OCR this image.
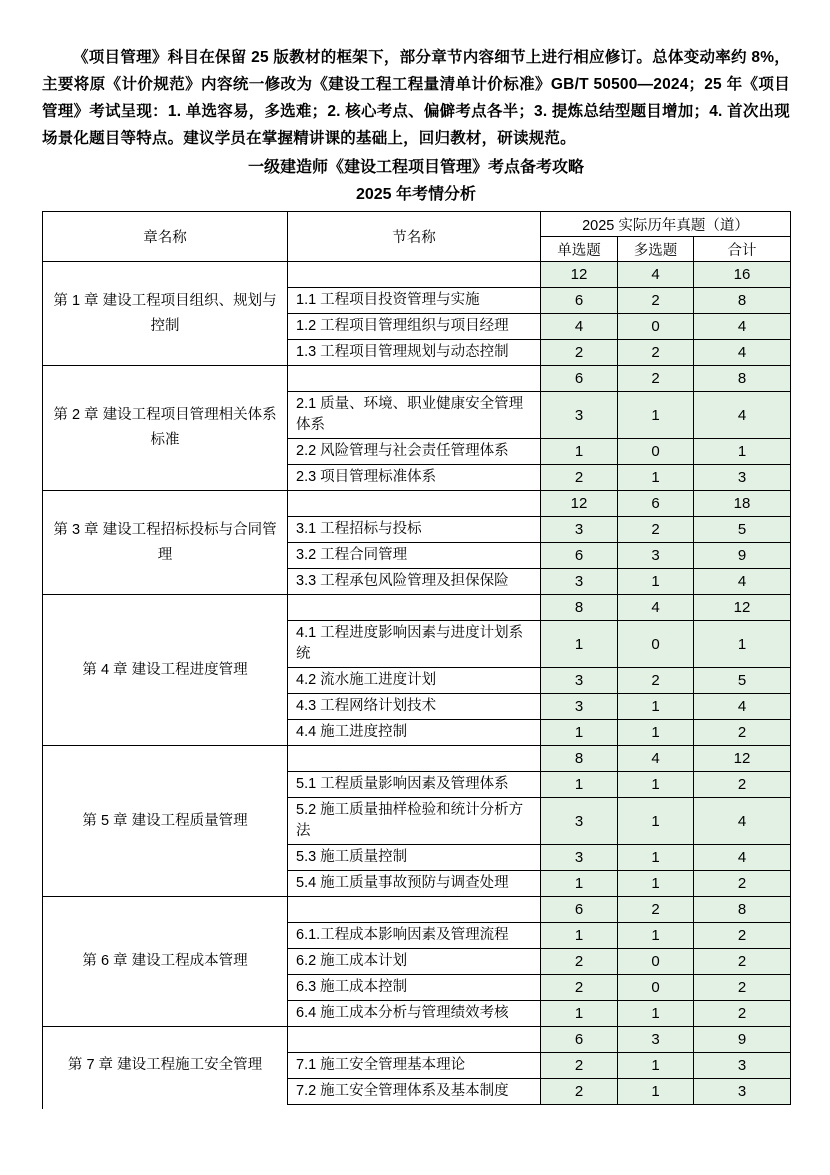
《项目管理》科目在保留 25 版教材的框架下，部分章节内容细节上进行相应修订。总体变动率约 8%，主要将原《计价规范》内容统一修改为《建设工程工程量清单计价标准》GB/T 50500—2024；25 年《项目管理》考试呈现：1. 单选容易，多选难；2. 核心考点、偏僻考点各半；3. 提炼总结型题目增加；4. 首次出现场景化题目等特点。建议学员在掌握精讲课的基础上，回归教材，研读规范。

一级建造师《建设工程项目管理》考点备考攻略
2025 年考情分析
章名称	节名称	2025 实际历年真题（道）		
		单选题	多选题	合计
第 1 章 建设工程项目组织、规划与控制		12	4	16
	1.1 工程项目投资管理与实施	6	2	8
	1.2 工程项目管理组织与项目经理	4	0	4
	1.3 工程项目管理规划与动态控制	2	2	4
第 2 章 建设工程项目管理相关体系标准		6	2	8
	2.1 质量、环境、职业健康安全管理体系	3	1	4
	2.2 风险管理与社会责任管理体系	1	0	1
	2.3 项目管理标准体系	2	1	3
第 3 章 建设工程招标投标与合同管理		12	6	18
	3.1 工程招标与投标	3	2	5
	3.2 工程合同管理	6	3	9
	3.3 工程承包风险管理及担保保险	3	1	4
第 4 章 建设工程进度管理		8	4	12
	4.1 工程进度影响因素与进度计划系统	1	0	1
	4.2 流水施工进度计划	3	2	5
	4.3 工程网络计划技术	3	1	4
	4.4 施工进度控制	1	1	2
第 5 章 建设工程质量管理		8	4	12
	5.1 工程质量影响因素及管理体系	1	1	2
	5.2 施工质量抽样检验和统计分析方法	3	1	4
	5.3 施工质量控制	3	1	4
	5.4 施工质量事故预防与调查处理	1	1	2
第 6 章 建设工程成本管理		6	2	8
	6.1.工程成本影响因素及管理流程	1	1	2
	6.2 施工成本计划	2	0	2
	6.3 施工成本控制	2	0	2
	6.4 施工成本分析与管理绩效考核	1	1	2
第 7 章 建设工程施工安全管理		6	3	9
	7.1 施工安全管理基本理论	2	1	3
	7.2 施工安全管理体系及基本制度	2	1	3
